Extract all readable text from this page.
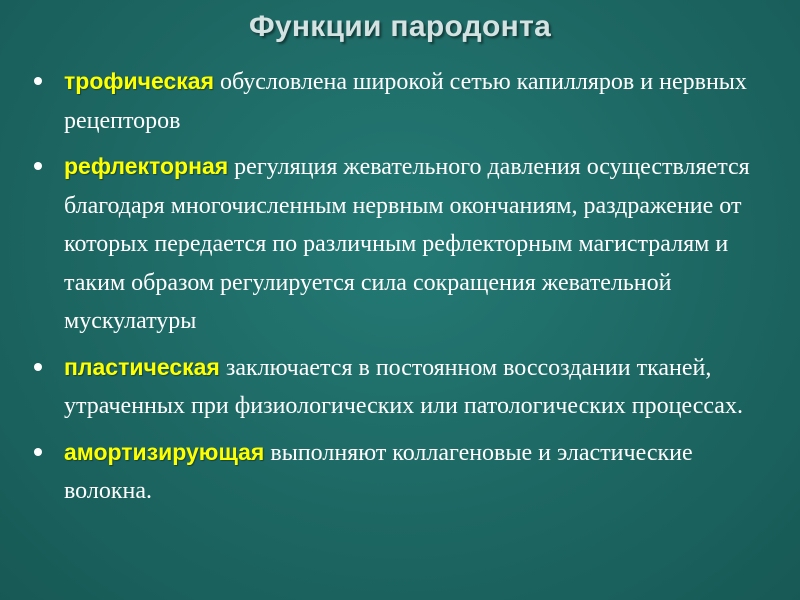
Функции пародонта
трофическая обусловлена широкой сетью капилляров и нервных рецепторов
рефлекторная регуляция жевательного давления осуществляется благодаря многочисленным нервным окончаниям, раздражение от которых передается по различным рефлекторным магистралям и таким образом регулируется сила сокращения жевательной мускулатуры
пластическая заключается в постоянном воссоздании тканей, утраченных при физиологических или патологических процессах.
амортизирующая выполняют коллагеновые и эластические волокна.
